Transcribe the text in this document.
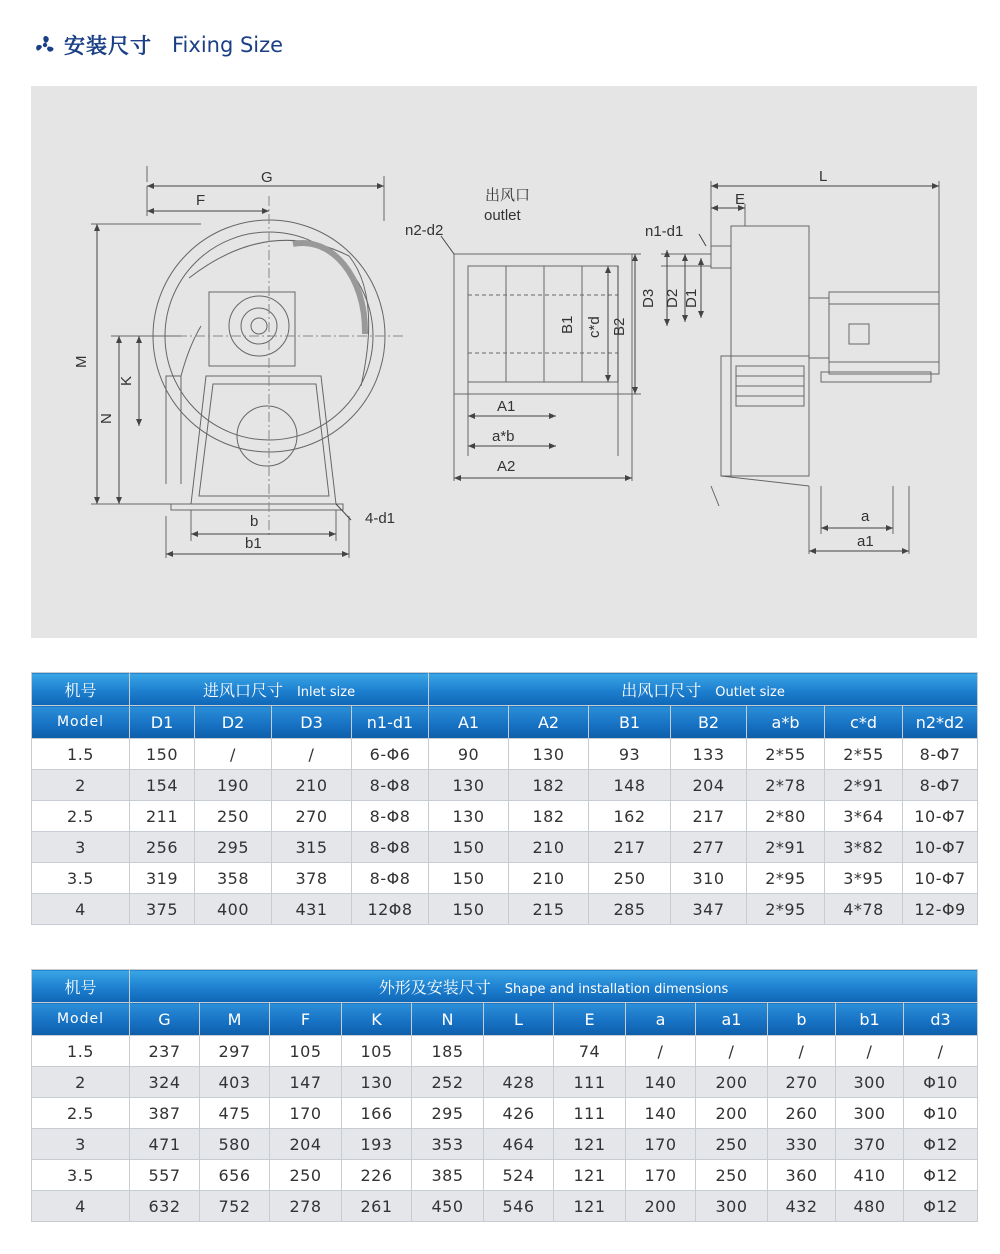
安装尺寸 Fixing Size
G
F
M
K
N
b
b1
4-d1
出风口
outlet
n2-d2
B1 c*d B2
A1
a*b
A2
L
E
n1-d1
D3 D2 D1
a
a1
机号	进风口尺寸 Inlet size				出风口尺寸 Outlet size						
Model	D1	D2	D3	n1-d1	A1	A2	B1	B2	a*b	c*d	n2*d2
1.5	150	/	/	6-Φ6	90	130	93	133	2*55	2*55	8-Φ7
2	154	190	210	8-Φ8	130	182	148	204	2*78	2*91	8-Φ7
2.5	211	250	270	8-Φ8	130	182	162	217	2*80	3*64	10-Φ7
3	256	295	315	8-Φ8	150	210	217	277	2*91	3*82	10-Φ7
3.5	319	358	378	8-Φ8	150	210	250	310	2*95	3*95	10-Φ7
4	375	400	431	12Φ8	150	215	285	347	2*95	4*78	12-Φ9
机号	外形及安装尺寸 Shape and installation dimensions											
Model	G	M	F	K	N	L	E	a	a1	b	b1	d3
1.5	237	297	105	105	185		74	/	/	/	/	/
2	324	403	147	130	252	428	111	140	200	270	300	Φ10
2.5	387	475	170	166	295	426	111	140	200	260	300	Φ10
3	471	580	204	193	353	464	121	170	250	330	370	Φ12
3.5	557	656	250	226	385	524	121	170	250	360	410	Φ12
4	632	752	278	261	450	546	121	200	300	432	480	Φ12
